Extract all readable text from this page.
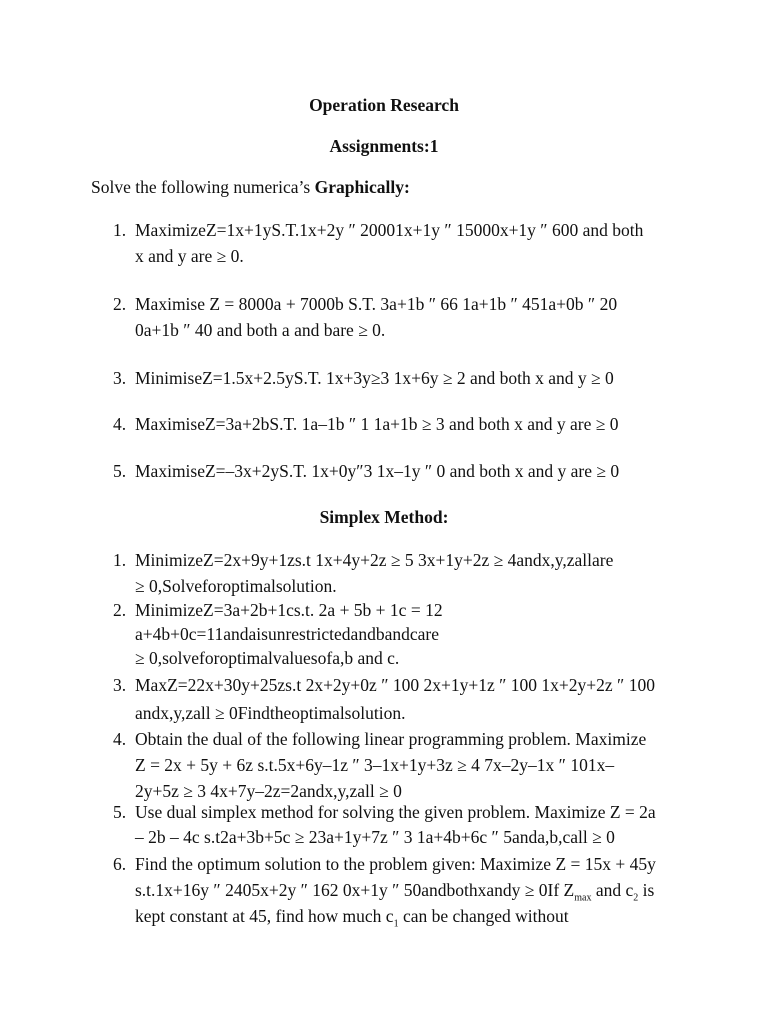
Operation Research
Assignments:1
Solve the following numerica’s Graphically:
1. MaximizeZ=1x+1yS.T.1x+2y ″ 20001x+1y ″ 15000x+1y ″ 600 and both
x and y are ≥ 0.
2. Maximise Z = 8000a + 7000b S.T. 3a+1b ″ 66 1a+1b ″ 451a+0b ″ 20
0a+1b ″ 40 and both a and bare ≥ 0.
3. MinimiseZ=1.5x+2.5yS.T. 1x+3y≥3 1x+6y ≥ 2 and both x and y ≥ 0
4. MaximiseZ=3a+2bS.T. 1a–1b ″ 1 1a+1b ≥ 3 and both x and y are ≥ 0
5. MaximiseZ=–3x+2yS.T. 1x+0y″3 1x–1y ″ 0 and both x and y are ≥ 0
Simplex Method:
1. MinimizeZ=2x+9y+1zs.t 1x+4y+2z ≥ 5 3x+1y+2z ≥ 4andx,y,zallare
≥ 0,Solveforoptimalsolution.
2. MinimizeZ=3a+2b+1cs.t. 2a + 5b + 1c = 12
a+4b+0c=11andaisunrestrictedandbandcare
≥ 0,solveforoptimalvaluesofa,b and c.
3. MaxZ=22x+30y+25zs.t 2x+2y+0z ″ 100 2x+1y+1z ″ 100 1x+2y+2z ″ 100
andx,y,zall ≥ 0Findtheoptimalsolution.
4. Obtain the dual of the following linear programming problem. Maximize
Z = 2x + 5y + 6z s.t.5x+6y–1z ″ 3–1x+1y+3z ≥ 4 7x–2y–1x ″ 101x–
2y+5z ≥ 3 4x+7y–2z=2andx,y,zall ≥ 0
5. Use dual simplex method for solving the given problem. Maximize Z = 2a
– 2b – 4c s.t2a+3b+5c ≥ 23a+1y+7z ″ 3 1a+4b+6c ″ 5anda,b,call ≥ 0
6. Find the optimum solution to the problem given: Maximize Z = 15x + 45y
s.t.1x+16y ″ 2405x+2y ″ 162 0x+1y ″ 50andbothxandy ≥ 0If $Z_{max}$ and $c_2$ is
kept constant at 45, find how much $c_1$ can be changed without
